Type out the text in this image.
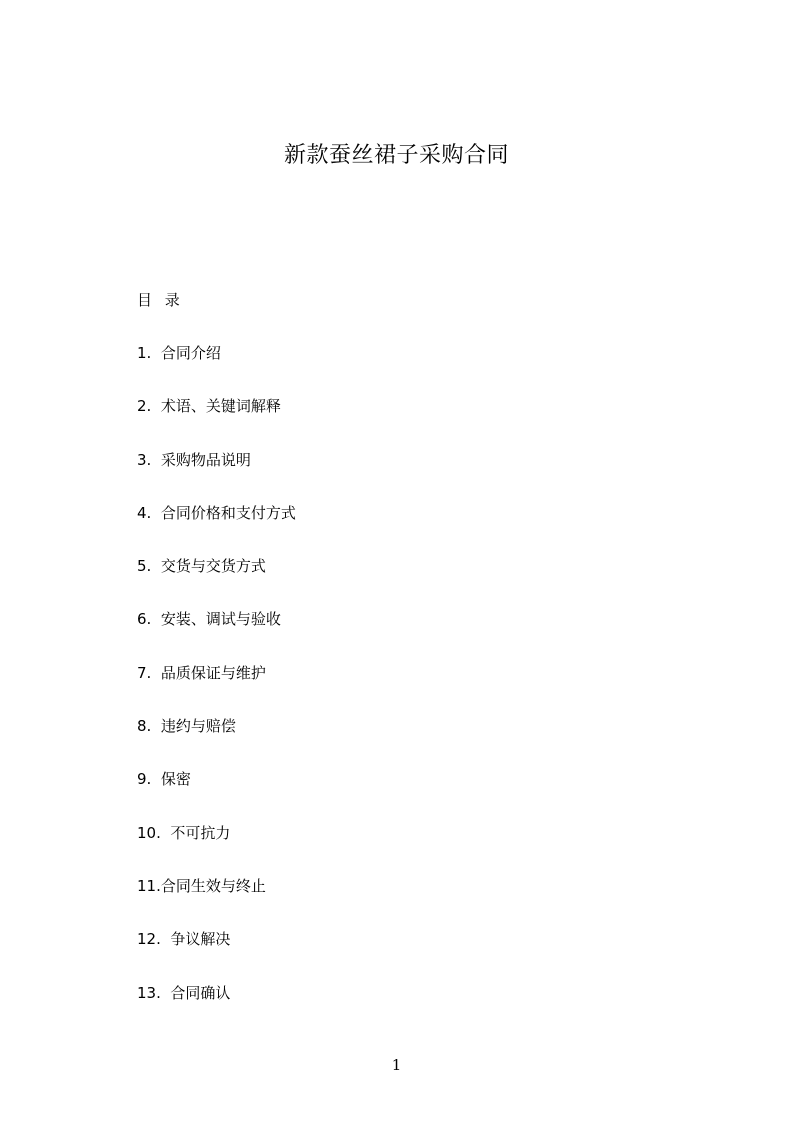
新款蚕丝裙子采购合同
目 录
1.  合同介绍
2.  术语、关键词解释
3.  采购物品说明
4.  合同价格和支付方式
5.  交货与交货方式
6.  安装、调试与验收
7.  品质保证与维护
8.  违约与赔偿
9.  保密
10.  不可抗力
11.合同生效与终止
12.  争议解决
13.  合同确认
1
